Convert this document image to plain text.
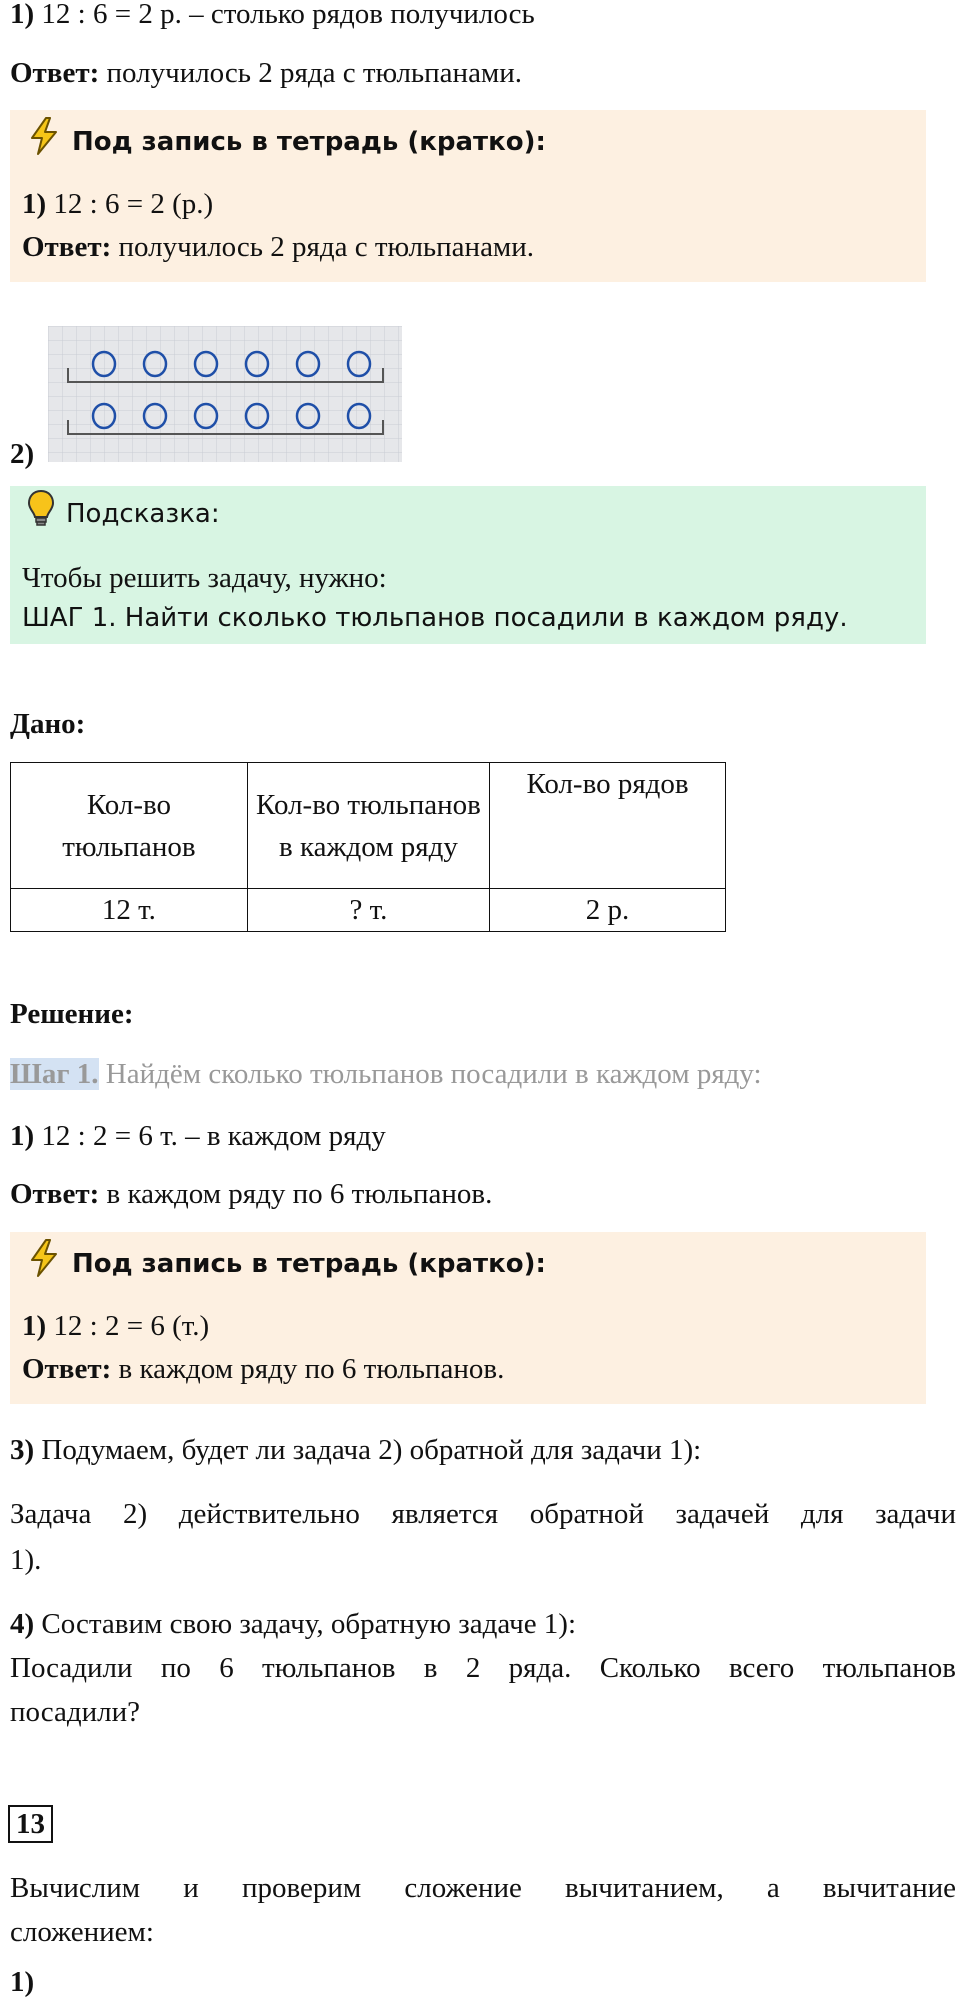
1) 12 : 6 = 2 р. – столько рядов получилось
Ответ: получилось 2 ряда с тюльпанами.
Под запись в тетрадь (кратко):
1) 12 : 6 = 2 (р.)
Ответ: получилось 2 ряда с тюльпанами.
2)
Подсказка:
Чтобы решить задачу, нужно:
ШАГ 1. Найти сколько тюльпанов посадили в каждом ряду.
Дано:
Кол-во тюльпанов	Кол-во тюльпанов в каждом ряду	Кол-во рядов
12 т.	? т.	2 р.
Решение:
Шаг 1. Найдём сколько тюльпанов посадили в каждом ряду:
1) 12 : 2 = 6 т. – в каждом ряду
Ответ: в каждом ряду по 6 тюльпанов.
Под запись в тетрадь (кратко):
1) 12 : 2 = 6 (т.)
Ответ: в каждом ряду по 6 тюльпанов.
3) Подумаем, будет ли задача 2) обратной для задачи 1):
Задача 2) действительно является обратной задачей для задачи
1).
4) Составим свою задачу, обратную задаче 1):
Посадили по 6 тюльпанов в 2 ряда. Сколько всего тюльпанов
посадили?
13
Вычислим и проверим сложение вычитанием, а вычитание
сложением:
1)
